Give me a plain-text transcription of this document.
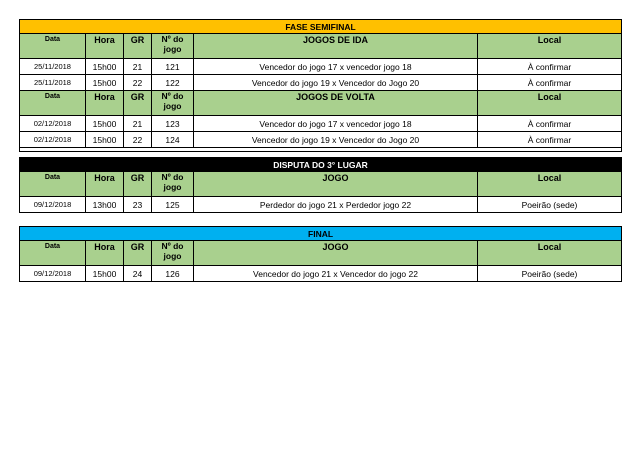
FASE SEMIFINAL					
Data	Hora	GR	Nº do jogo	JOGOS DE IDA	Local
25/11/2018	15h00	21	121	Vencedor do jogo 17 x vencedor jogo 18	À confirmar
25/11/2018	15h00	22	122	Vencedor do jogo 19 x Vencedor do Jogo 20	À confirmar
Data	Hora	GR	Nº do jogo	JOGOS DE VOLTA	Local
02/12/2018	15h00	21	123	Vencedor do jogo 17 x vencedor jogo 18	À confirmar
02/12/2018	15h00	22	124	Vencedor do jogo 19 x Vencedor do Jogo 20	À confirmar

DISPUTA DO 3° LUGAR					
Data	Hora	GR	Nº do jogo	JOGO	Local
09/12/2018	13h00	23	125	Perdedor do jogo 21 x Perdedor jogo 22	Poeirão (sede)
FINAL					
Data	Hora	GR	Nº do jogo	JOGO	Local
09/12/2018	15h00	24	126	Vencedor do jogo 21 x Vencedor do jogo 22	Poeirão (sede)
